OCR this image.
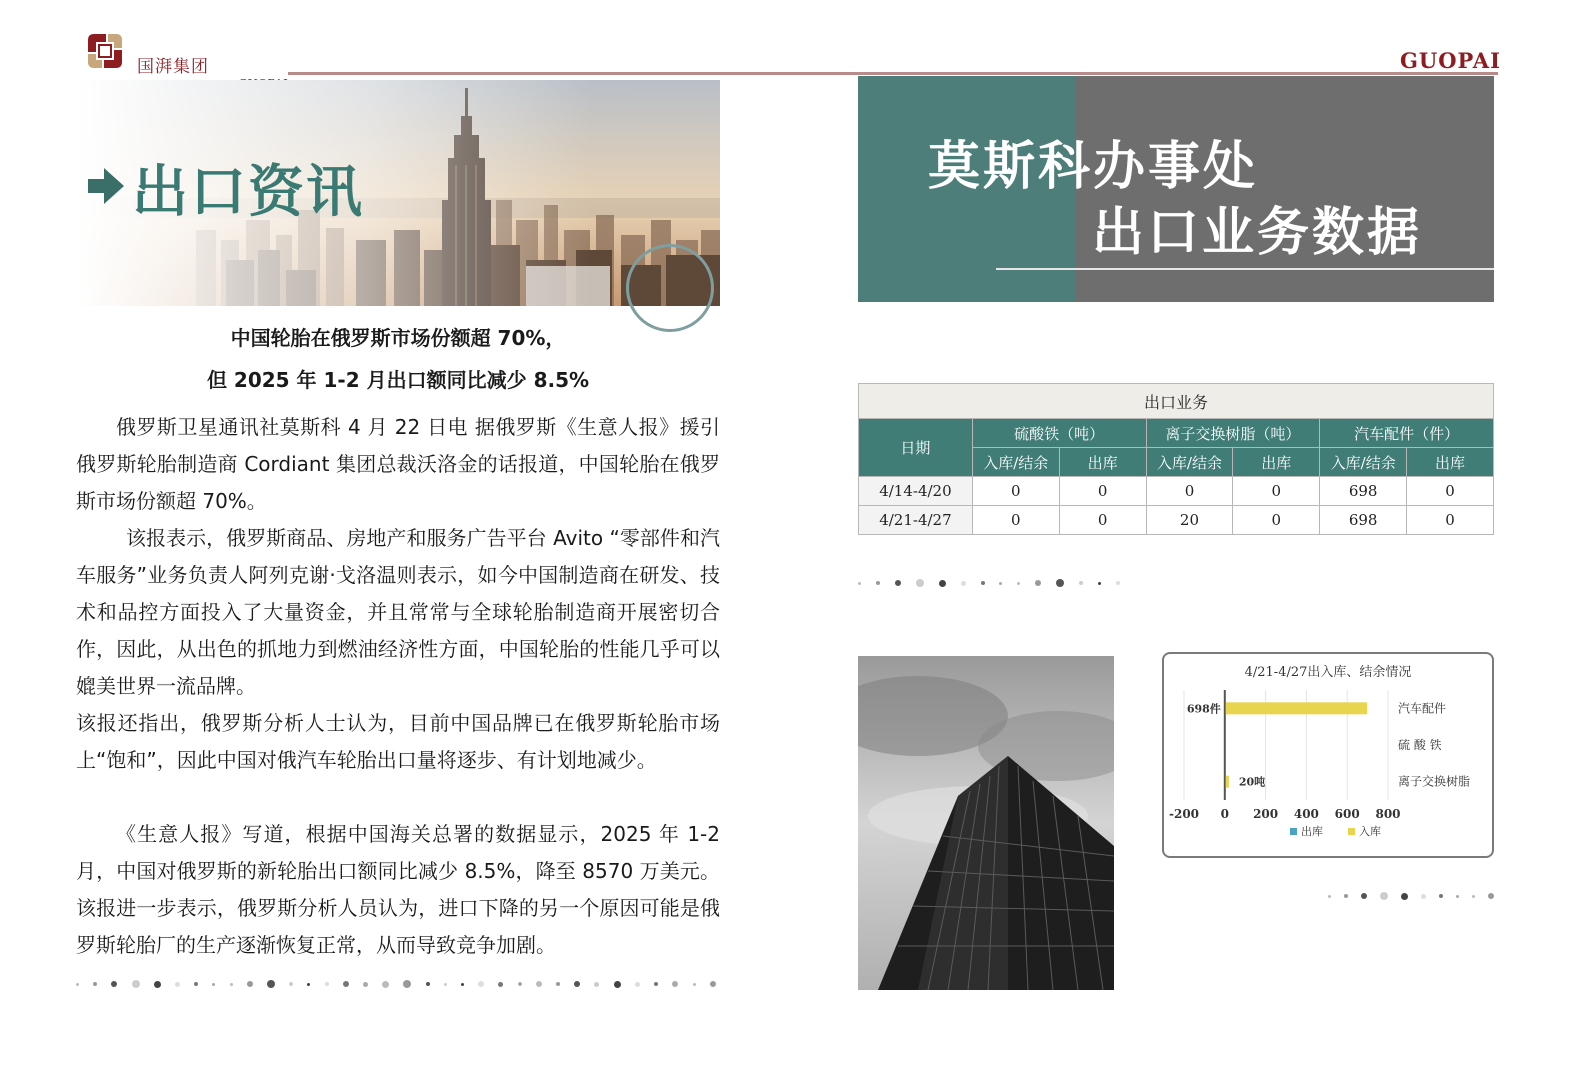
国湃集团	GUOPAI
出口资讯
中国轮胎在俄罗斯市场份额超 70%，
但 2025 年 1-2 月出口额同比减少 8.5%
俄罗斯卫星通讯社莫斯科 4 月 22 日电 据俄罗斯《生意人报》援引俄罗斯轮胎制造商 Cordiant 集团总裁沃洛金的话报道，中国轮胎在俄罗斯市场份额超 70%。
该报表示，俄罗斯商品、房地产和服务广告平台 Avito “零部件和汽车服务”业务负责人阿列克谢·戈洛温则表示，如今中国制造商在研发、技术和品控方面投入了大量资金，并且常常与全球轮胎制造商开展密切合作，因此，从出色的抓地力到燃油经济性方面，中国轮胎的性能几乎可以媲美世界一流品牌。
该报还指出，俄罗斯分析人士认为，目前中国品牌已在俄罗斯轮胎市场上“饱和”，因此中国对俄汽车轮胎出口量将逐步、有计划地减少。
《生意人报》写道，根据中国海关总署的数据显示，2025 年 1-2 月，中国对俄罗斯的新轮胎出口额同比减少 8.5%，降至 8570 万美元。该报进一步表示，俄罗斯分析人员认为，进口下降的另一个原因可能是俄罗斯轮胎厂的生产逐渐恢复正常，从而导致竞争加剧。
莫斯科办事处
出口业务数据
出口业务						
日期	硫酸铁（吨）		离子交换树脂（吨）		汽车配件（件）	
	入库/结余	出库	入库/结余	出库	入库/结余	出库
4/14-4/20	0	0	0	0	698	0
4/21-4/27	0	0	20	0	698	0
4/21-4/27出入库、结余情况
-200 0 200 400 600 800
汽车配件
698件
硫 酸 铁
离子交换树脂
20吨
出库	入库
